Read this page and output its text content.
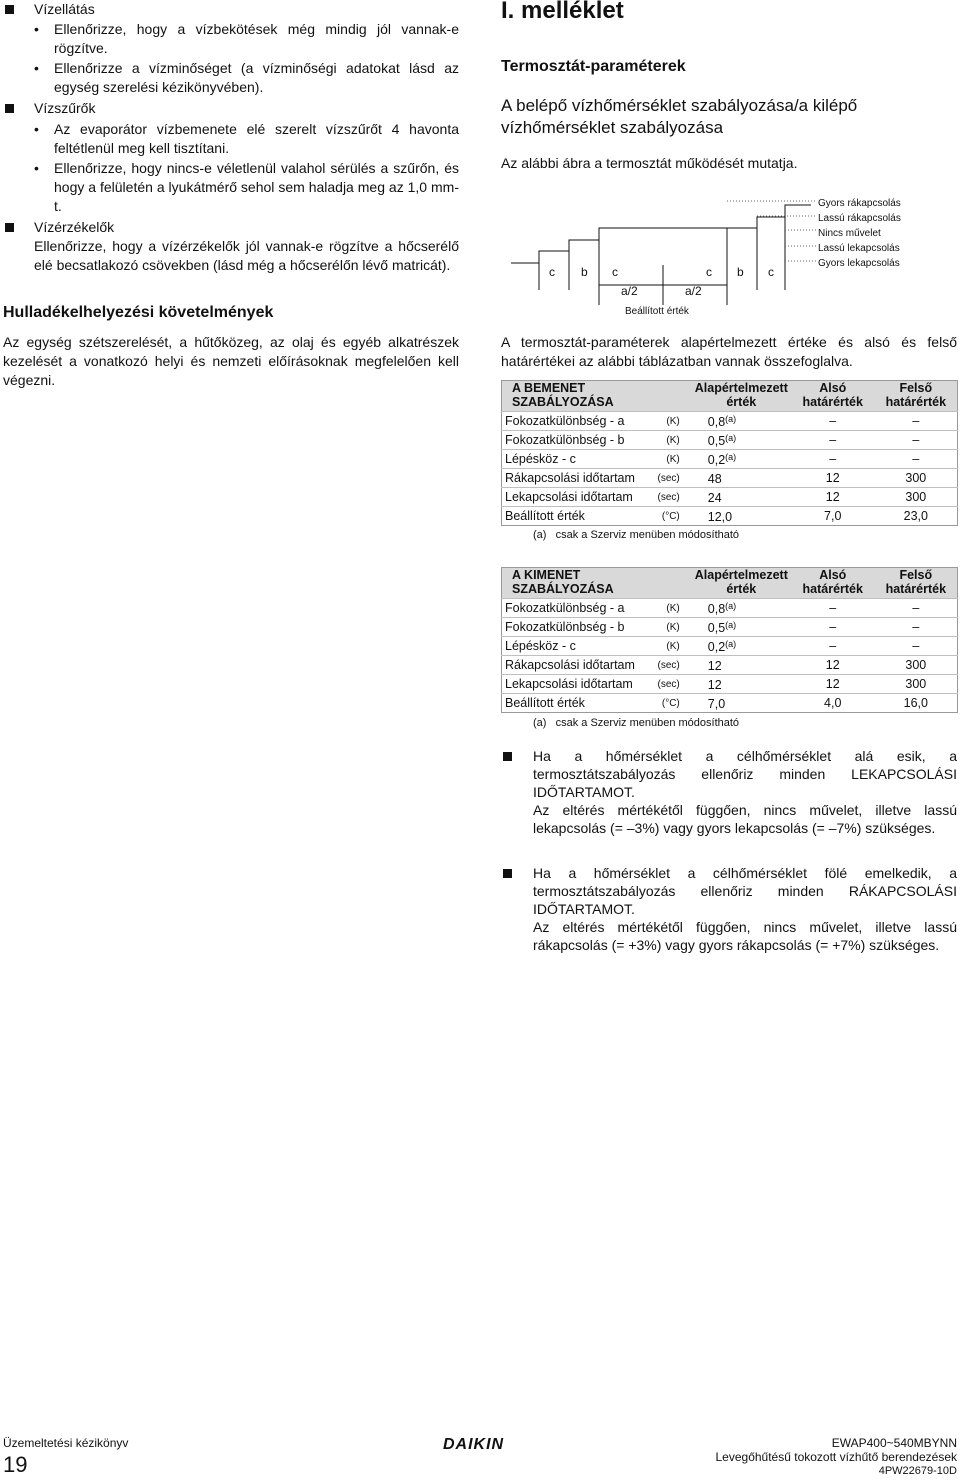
Vízellátás
• Ellenőrizze, hogy a vízbekötések még mindig jól vannak-e rögzítve.
• Ellenőrizze a vízminőséget (a vízminőségi adatokat lásd az egység szerelési kézikönyvében).
Vízszűrők
• Az evaporátor vízbemenete elé szerelt vízszűrőt 4 havonta feltétlenül meg kell tisztítani.
• Ellenőrizze, hogy nincs-e véletlenül valahol sérülés a szűrőn, és hogy a felületén a lyukátmérő sehol sem haladja meg az 1,0 mm-t.
Vízérzékelők
Ellenőrizze, hogy a vízérzékelők jól vannak-e rögzítve a hőcserélő elé becsatlakozó csövekben (lásd még a hőcserélőn lévő matricát).
Hulladékelhelyezési követelmények
Az egység szétszerelését, a hűtőközeg, az olaj és egyéb alkatrészek kezelését a vonatkozó helyi és nemzeti előírásoknak megfelelően kell végezni.
I. melléklet
Termosztát-paraméterek
A belépő vízhőmérséklet szabályozása/a kilépő vízhőmérséklet szabályozása
Az alábbi ábra a termosztát működését mutatja.
c b c	c b c
a/2	a/2
Beállított érték
Gyors rákapcsolás
Lassú rákapcsolás
Nincs művelet
Lassú lekapcsolás
Gyors lekapcsolás
A termosztát-paraméterek alapértelmezett értéke és alsó és felső határértékei az alábbi táblázatban vannak összefoglalva.
A BEMENET SZABÁLYOZÁSA		Alapértelmezett érték	Alsó határérték	Felső határérték
Fokozatkülönbség - a	(K)	0,8$^{(a)}$	–	–
Fokozatkülönbség - b	(K)	0,5$^{(a)}$	–	–
Lépésköz - c	(K)	0,2$^{(a)}$	–	–
Rákapcsolási időtartam	(sec)	48	12	300
Lekapcsolási időtartam	(sec)	24	12	300
Beállított érték	(°C)	12,0	7,0	23,0
(a) csak a Szerviz menüben módosítható
A KIMENET SZABÁLYOZÁSA		Alapértelmezett érték	Alsó határérték	Felső határérték
Fokozatkülönbség - a	(K)	0,8$^{(a)}$	–	–
Fokozatkülönbség - b	(K)	0,5$^{(a)}$	–	–
Lépésköz - c	(K)	0,2$^{(a)}$	–	–
Rákapcsolási időtartam	(sec)	12	12	300
Lekapcsolási időtartam	(sec)	12	12	300
Beállított érték	(°C)	7,0	4,0	16,0
(a) csak a Szerviz menüben módosítható
Ha a hőmérséklet a célhőmérséklet alá esik, a termosztátszabályozás ellenőriz minden LEKAPCSOLÁSI IDŐTARTAMOT.
Az eltérés mértékétől függően, nincs művelet, illetve lassú lekapcsolás (= –3%) vagy gyors lekapcsolás (= –7%) szükséges.
Ha a hőmérséklet a célhőmérséklet fölé emelkedik, a termosztátszabályozás ellenőriz minden RÁKAPCSOLÁSI IDŐTARTAMOT.
Az eltérés mértékétől függően, nincs művelet, illetve lassú rákapcsolás (= +3%) vagy gyors rákapcsolás (= +7%) szükséges.
Üzemeltetési kézikönyv
19
DAIKIN	EWAP400~540MBYNN
Levegőhűtésű tokozott vízhűtő berendezések
4PW22679-10D
